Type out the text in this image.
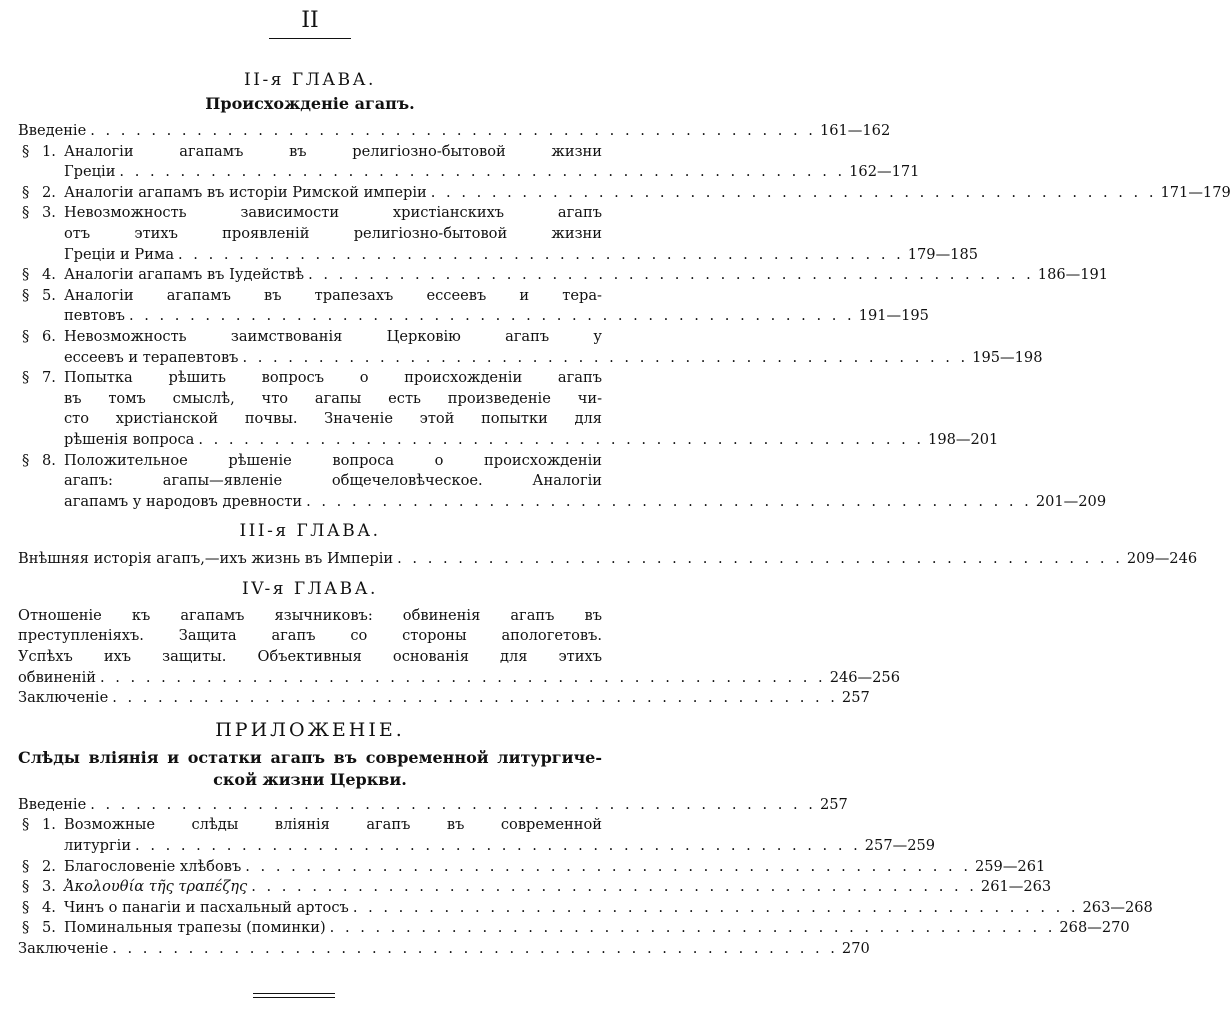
II
II-я ГЛАВА.
Происхожденіе агапъ.
Введеніе . . . . . . . . . . . . . . . . . . . . . . . . . . . . . . . . . . . . . . . . . . . . . . . . 161—162
§ 1. Аналогіи агапамъ въ религіозно-бытовой жизни
Греціи . . . . . . . . . . . . . . . . . . . . . . . . . . . . . . . . . . . . . . . . . . . . . . . . 162—171
§ 2. Аналогіи агапамъ въ исторіи Римской имперіи . . . . . . . . . . . . . . . . . . . . . . . . . . . . . . . . . . . . . . . . . . . . . . . . 171—179
§ 3. Невозможность зависимости христіанскихъ агапъ
отъ этихъ проявленій религіозно-бытовой жизни
Греціи и Рима . . . . . . . . . . . . . . . . . . . . . . . . . . . . . . . . . . . . . . . . . . . . . . . . 179—185
§ 4. Аналогіи агапамъ въ Іудействѣ . . . . . . . . . . . . . . . . . . . . . . . . . . . . . . . . . . . . . . . . . . . . . . . . 186—191
§ 5. Аналогіи агапамъ въ трапезахъ ессеевъ и тера-
певтовъ . . . . . . . . . . . . . . . . . . . . . . . . . . . . . . . . . . . . . . . . . . . . . . . . 191—195
§ 6. Невозможность заимствованія Церковію агапъ у
ессеевъ и терапевтовъ . . . . . . . . . . . . . . . . . . . . . . . . . . . . . . . . . . . . . . . . . . . . . . . . 195—198
§ 7. Попытка рѣшить вопросъ о происхожденіи агапъ
въ томъ смыслѣ, что агапы есть произведеніе чи-
сто христіанской почвы. Значеніе этой попытки для
рѣшенія вопроса . . . . . . . . . . . . . . . . . . . . . . . . . . . . . . . . . . . . . . . . . . . . . . . . 198—201
§ 8. Положительное рѣшеніе вопроса о происхожденіи
агапъ: агапы—явленіе общечеловѣческое. Аналогіи
агапамъ у народовъ древности . . . . . . . . . . . . . . . . . . . . . . . . . . . . . . . . . . . . . . . . . . . . . . . . 201—209
III-я ГЛАВА.
Внѣшняя исторія агапъ,—ихъ жизнь въ Имперіи . . . . . . . . . . . . . . . . . . . . . . . . . . . . . . . . . . . . . . . . . . . . . . . . 209—246
IV-я ГЛАВА.
Отношеніе къ агапамъ язычниковъ: обвиненія агапъ въ
преступленіяхъ. Защита агапъ со стороны апологетовъ.
Успѣхъ ихъ защиты. Объективныя основанія для этихъ
обвиненій . . . . . . . . . . . . . . . . . . . . . . . . . . . . . . . . . . . . . . . . . . . . . . . . 246—256
Заключеніе . . . . . . . . . . . . . . . . . . . . . . . . . . . . . . . . . . . . . . . . . . . . . . . . 257
ПРИЛОЖЕНІЕ.
Слѣды вліянія и остатки агапъ въ современной литургиче-
ской жизни Церкви.
Введеніе . . . . . . . . . . . . . . . . . . . . . . . . . . . . . . . . . . . . . . . . . . . . . . . . 257
§ 1. Возможные слѣды вліянія агапъ въ современной
литургіи . . . . . . . . . . . . . . . . . . . . . . . . . . . . . . . . . . . . . . . . . . . . . . . . 257—259
§ 2. Благословеніе хлѣбовъ . . . . . . . . . . . . . . . . . . . . . . . . . . . . . . . . . . . . . . . . . . . . . . . . 259—261
§ 3. Ἀκολουθία τῆς τραπέζης . . . . . . . . . . . . . . . . . . . . . . . . . . . . . . . . . . . . . . . . . . . . . . . . 261—263
§ 4. Чинъ о панагіи и пасхальный артосъ . . . . . . . . . . . . . . . . . . . . . . . . . . . . . . . . . . . . . . . . . . . . . . . . 263—268
§ 5. Поминальныя трапезы (поминки) . . . . . . . . . . . . . . . . . . . . . . . . . . . . . . . . . . . . . . . . . . . . . . . . 268—270
Заключеніе . . . . . . . . . . . . . . . . . . . . . . . . . . . . . . . . . . . . . . . . . . . . . . . . 270
